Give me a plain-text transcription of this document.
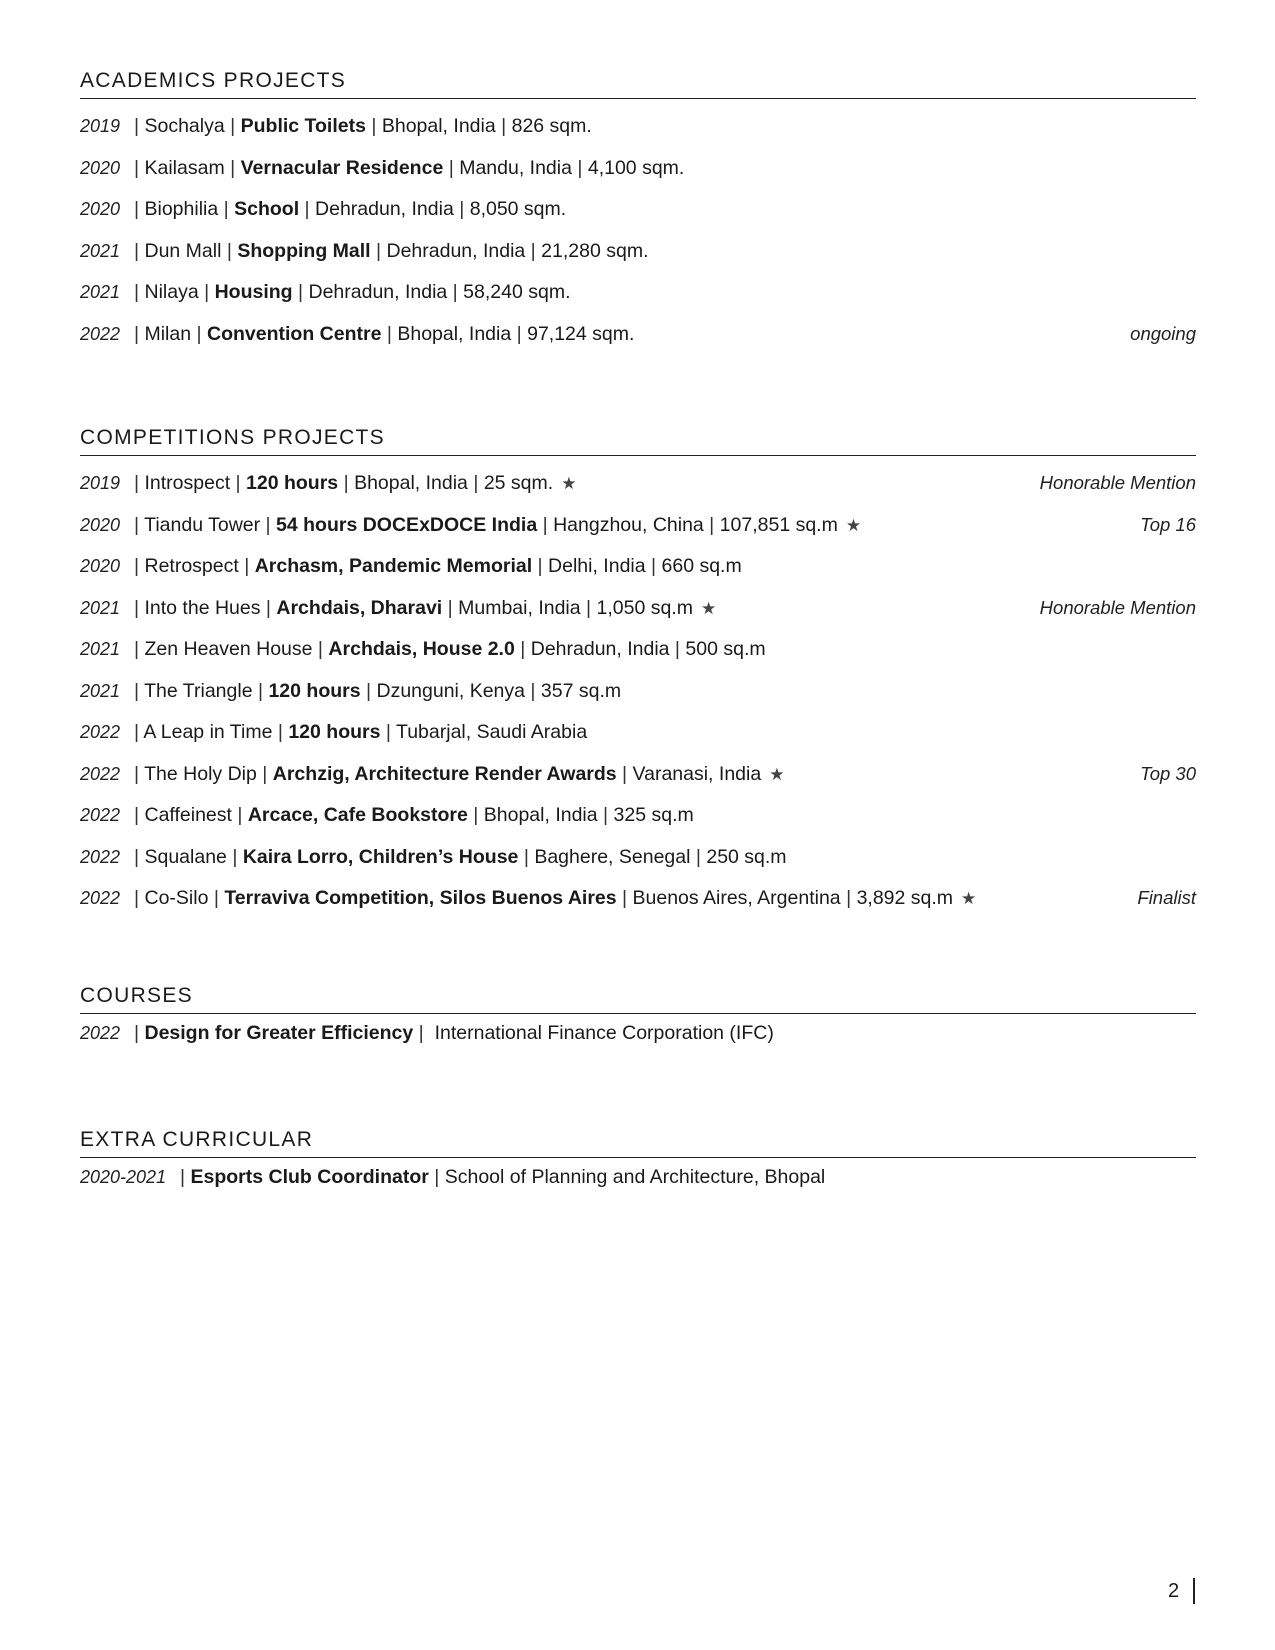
ACADEMICS PROJECTS
2019 | Sochalya | Public Toilets | Bhopal, India | 826 sqm.
2020 | Kailasam | Vernacular Residence | Mandu, India | 4,100 sqm.
2020 | Biophilia | School | Dehradun, India | 8,050 sqm.
2021 | Dun Mall | Shopping Mall | Dehradun, India | 21,280 sqm.
2021 | Nilaya | Housing | Dehradun, India | 58,240 sqm.
2022 | Milan | Convention Centre | Bhopal, India | 97,124 sqm.	ongoing
COMPETITIONS PROJECTS
2019 | Introspect | 120 hours | Bhopal, India | 25 sqm. ★	Honorable Mention
2020 | Tiandu Tower | 54 hours DOCExDOCE India | Hangzhou, China | 107,851 sq.m ★	Top 16
2020 | Retrospect | Archasm, Pandemic Memorial | Delhi, India | 660 sq.m
2021 | Into the Hues | Archdais, Dharavi | Mumbai, India | 1,050 sq.m ★	Honorable Mention
2021 | Zen Heaven House | Archdais, House 2.0 | Dehradun, India | 500 sq.m
2021 | The Triangle | 120 hours | Dzunguni, Kenya | 357 sq.m
2022 | A Leap in Time | 120 hours | Tubarjal, Saudi Arabia
2022 | The Holy Dip | Archzig, Architecture Render Awards | Varanasi, India ★	Top 30
2022 | Caffeinest | Arcace, Cafe Bookstore | Bhopal, India | 325 sq.m
2022 | Squalane | Kaira Lorro, Children’s House | Baghere, Senegal | 250 sq.m
2022 | Co-Silo | Terraviva Competition, Silos Buenos Aires | Buenos Aires, Argentina | 3,892 sq.m ★	Finalist
COURSES
2022 | Design for Greater Efficiency |  International Finance Corporation (IFC)
EXTRA CURRICULAR
2020-2021 | Esports Club Coordinator | School of Planning and Architecture, Bhopal
2
